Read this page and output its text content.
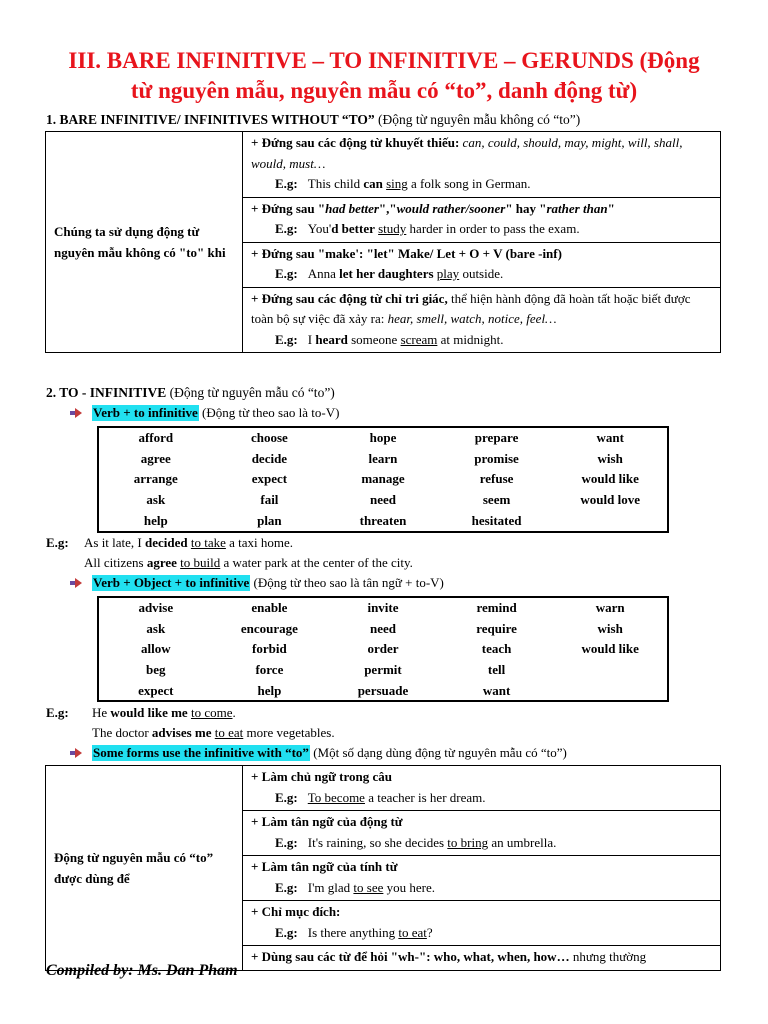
III. BARE INFINITIVE – TO INFINITIVE – GERUNDS (Động
từ nguyên mẫu, nguyên mẫu có “to”, danh động từ)
1. BARE INFINITIVE/ INFINITIVES WITHOUT “TO” (Động từ nguyên mẫu không có “to”)
Chúng ta sử dụng động từ nguyên mẫu không có "to" khi	+ Đứng sau các động từ khuyết thiếu: can, could, should, may, might, will, shall, would, must…
E.g: This child can sing a folk song in German.

+ Đứng sau "had better","would rather/sooner" hay "rather than"
E.g: You'd better study harder in order to pass the exam.

+ Đứng sau "make': "let" Make/ Let + O + V (bare -inf)
E.g: Anna let her daughters play outside.

+ Đứng sau các động từ chỉ tri giác, thể hiện hành động đã hoàn tất hoặc biết được toàn bộ sự việc đã xảy ra: hear, smell, watch, notice, feel…
E.g: I heard someone scream at midnight.
2. TO - INFINITIVE (Động từ nguyên mẫu có “to”)
Verb + to infinitive
(Động từ theo sao là to-V)
afford	choose	hope	prepare	want
agree	decide	learn	promise	wish
arrange	expect	manage	refuse	would like
ask	fail	need	seem	would love
help	plan	threaten	hesitated	
E.g: As it late, I decided to take a taxi home.
All citizens agree to build a water park at the center of the city.
Verb + Object + to infinitive
(Động từ theo sao là tân ngữ + to-V)
advise	enable	invite	remind	warn
ask	encourage	need	require	wish
allow	forbid	order	teach	would like
beg	force	permit	tell	
expect	help	persuade	want	
E.g: He would like me to come.
The doctor advises me to eat more vegetables.
Some forms use the infinitive with “to”
(Một số dạng dùng động từ nguyên mẫu có “to”)
Động từ nguyên mẫu có “to” được dùng để	+ Làm chủ ngữ trong câu
E.g: To become a teacher is her dream.

+ Làm tân ngữ của động từ
E.g: It's raining, so she decides to bring an umbrella.

+ Làm tân ngữ của tính từ
E.g: I'm glad to see you here.

+ Chỉ mục đích:
E.g: Is there anything to eat?

+ Dùng sau các từ để hỏi "wh-": who, what, when, how… nhưng thường
Compiled by: Ms. Dan Pham
